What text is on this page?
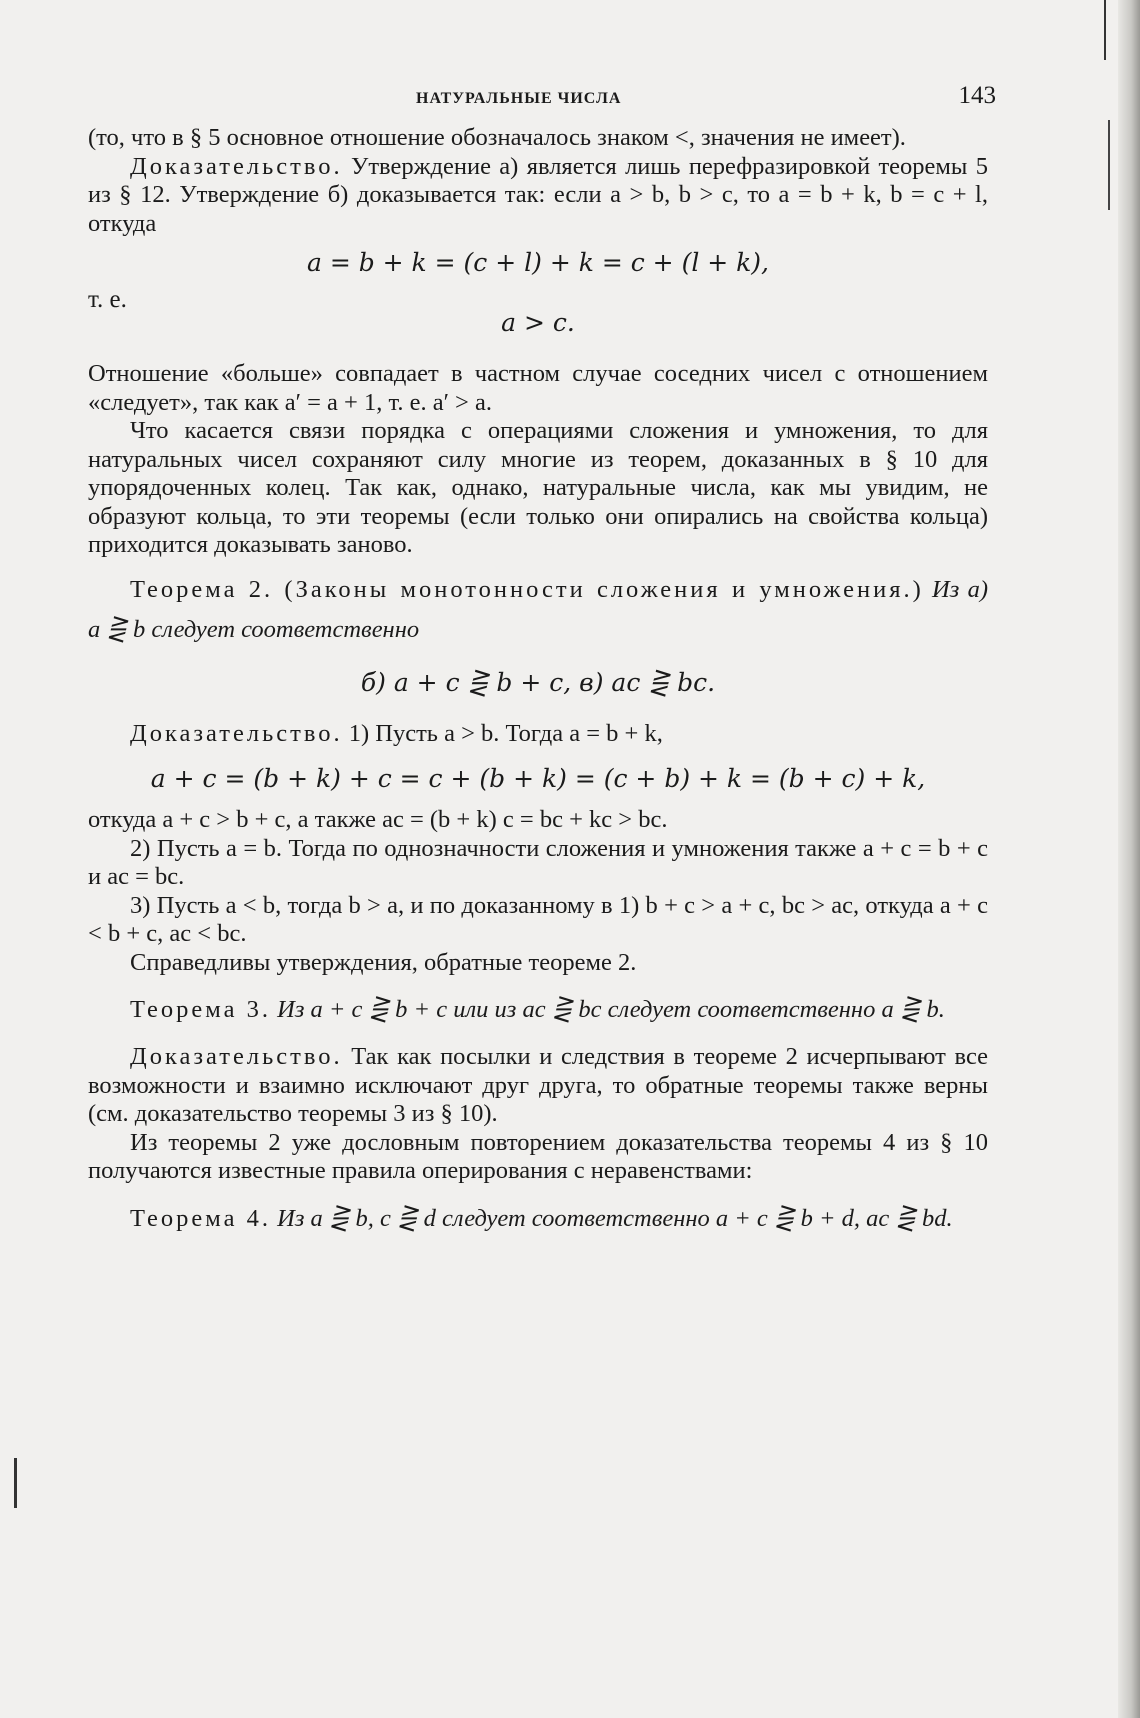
НАТУРАЛЬНЫЕ ЧИСЛА	143

(то, что в § 5 основное отношение обозначалось знаком <, значения не имеет).

Доказательство. Утверждение а) является лишь перефразировкой теоремы 5 из § 12. Утверждение б) доказывается так: если a > b, b > c, то a = b + k, b = c + l, откуда

a = b + k = (c + l) + k = c + (l + k),
т. е.
a > c.

Отношение «больше» совпадает в частном случае соседних чисел с отношением «следует», так как a′ = a + 1, т. е. a′ > a.

Что касается связи порядка с операциями сложения и умножения, то для натуральных чисел сохраняют силу многие из теорем, доказанных в § 10 для упорядоченных колец. Так как, однако, натуральные числа, как мы увидим, не образуют кольца, то эти теоремы (если только они опирались на свойства кольца) приходится доказывать заново.

Теорема 2. (Законы монотонности сложения и умножения.) Из а) a ⋛ b следует соответственно

б) a + c ⋛ b + c, в) ac ⋛ bc.

Доказательство. 1) Пусть a > b. Тогда a = b + k,

a + c = (b + k) + c = c + (b + k) = (c + b) + k = (b + c) + k,

откуда a + c > b + c, а также ac = (b + k) c = bc + kc > bc.

2) Пусть a = b. Тогда по однозначности сложения и умножения также a + c = b + c и ac = bc.

3) Пусть a < b, тогда b > a, и по доказанному в 1) b + c > a + c, bc > ac, откуда a + c < b + c, ac < bc.

Справедливы утверждения, обратные теореме 2.

Теорема 3. Из a + c ⋛ b + c или из ac ⋛ bc следует соответственно a ⋛ b.

Доказательство. Так как посылки и следствия в теореме 2 исчерпывают все возможности и взаимно исключают друг друга, то обратные теоремы также верны (см. доказательство теоремы 3 из § 10).

Из теоремы 2 уже дословным повторением доказательства теоремы 4 из § 10 получаются известные правила оперирования с неравенствами:

Теорема 4. Из a ⋛ b, c ⋛ d следует соответственно a + c ⋛ b + d, ac ⋛ bd.
